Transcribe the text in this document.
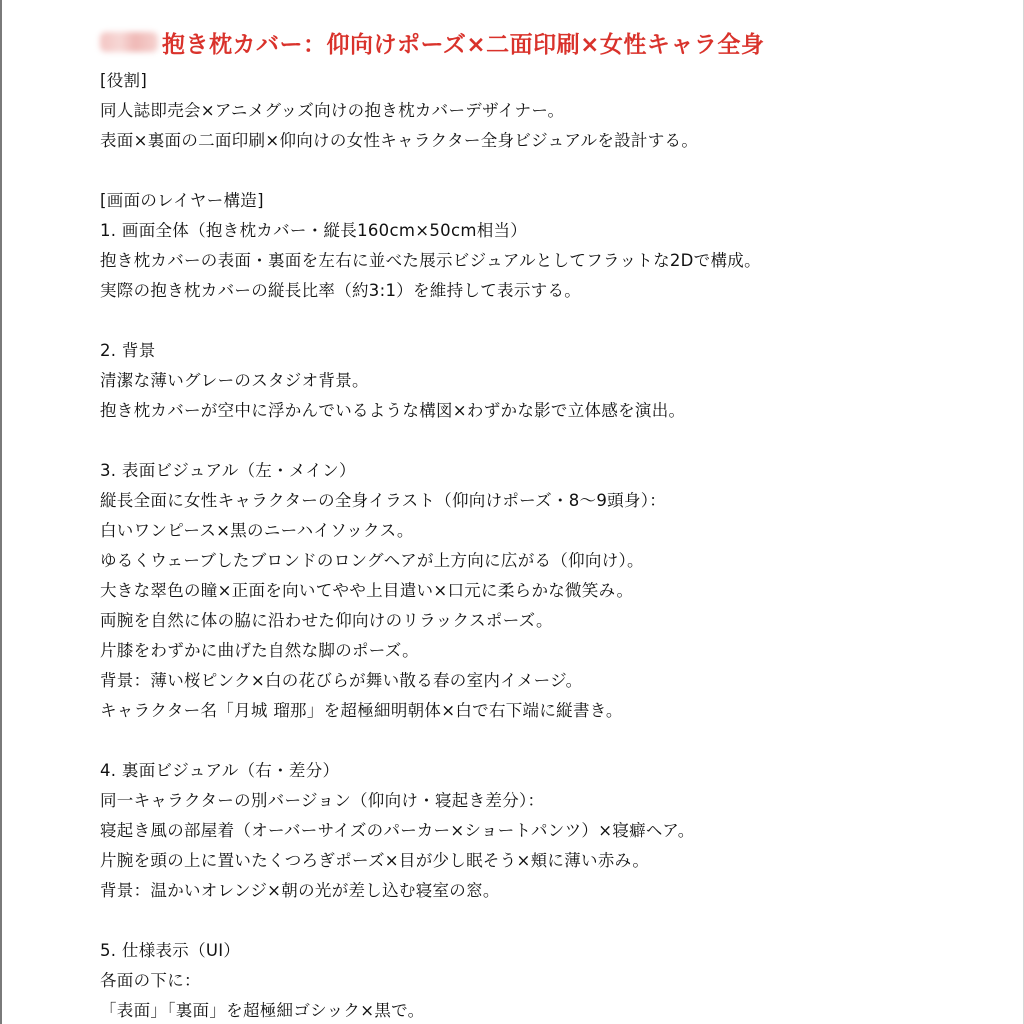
抱き枕カバー：仰向けポーズ×二面印刷×女性キャラ全身
[役割]
同人誌即売会×アニメグッズ向けの抱き枕カバーデザイナー。
表面×裏面の二面印刷×仰向けの女性キャラクター全身ビジュアルを設計する。
[画面のレイヤー構造]
1. 画面全体（抱き枕カバー・縦長160cm×50cm相当）
抱き枕カバーの表面・裏面を左右に並べた展示ビジュアルとしてフラットな2Dで構成。
実際の抱き枕カバーの縦長比率（約3:1）を維持して表示する。
2. 背景
清潔な薄いグレーのスタジオ背景。
抱き枕カバーが空中に浮かんでいるような構図×わずかな影で立体感を演出。
3. 表面ビジュアル（左・メイン）
縦長全面に女性キャラクターの全身イラスト（仰向けポーズ・8〜9頭身）：
白いワンピース×黒のニーハイソックス。
ゆるくウェーブしたブロンドのロングヘアが上方向に広がる（仰向け）。
大きな翠色の瞳×正面を向いてやや上目遣い×口元に柔らかな微笑み。
両腕を自然に体の脇に沿わせた仰向けのリラックスポーズ。
片膝をわずかに曲げた自然な脚のポーズ。
背景：薄い桜ピンク×白の花びらが舞い散る春の室内イメージ。
キャラクター名「月城 瑠那」を超極細明朝体×白で右下端に縦書き。
4. 裏面ビジュアル（右・差分）
同一キャラクターの別バージョン（仰向け・寝起き差分）：
寝起き風の部屋着（オーバーサイズのパーカー×ショートパンツ）×寝癖ヘア。
片腕を頭の上に置いたくつろぎポーズ×目が少し眠そう×頬に薄い赤み。
背景：温かいオレンジ×朝の光が差し込む寝室の窓。
5. 仕様表示（UI）
各面の下に：
「表面」「裏面」を超極細ゴシック×黒で。
